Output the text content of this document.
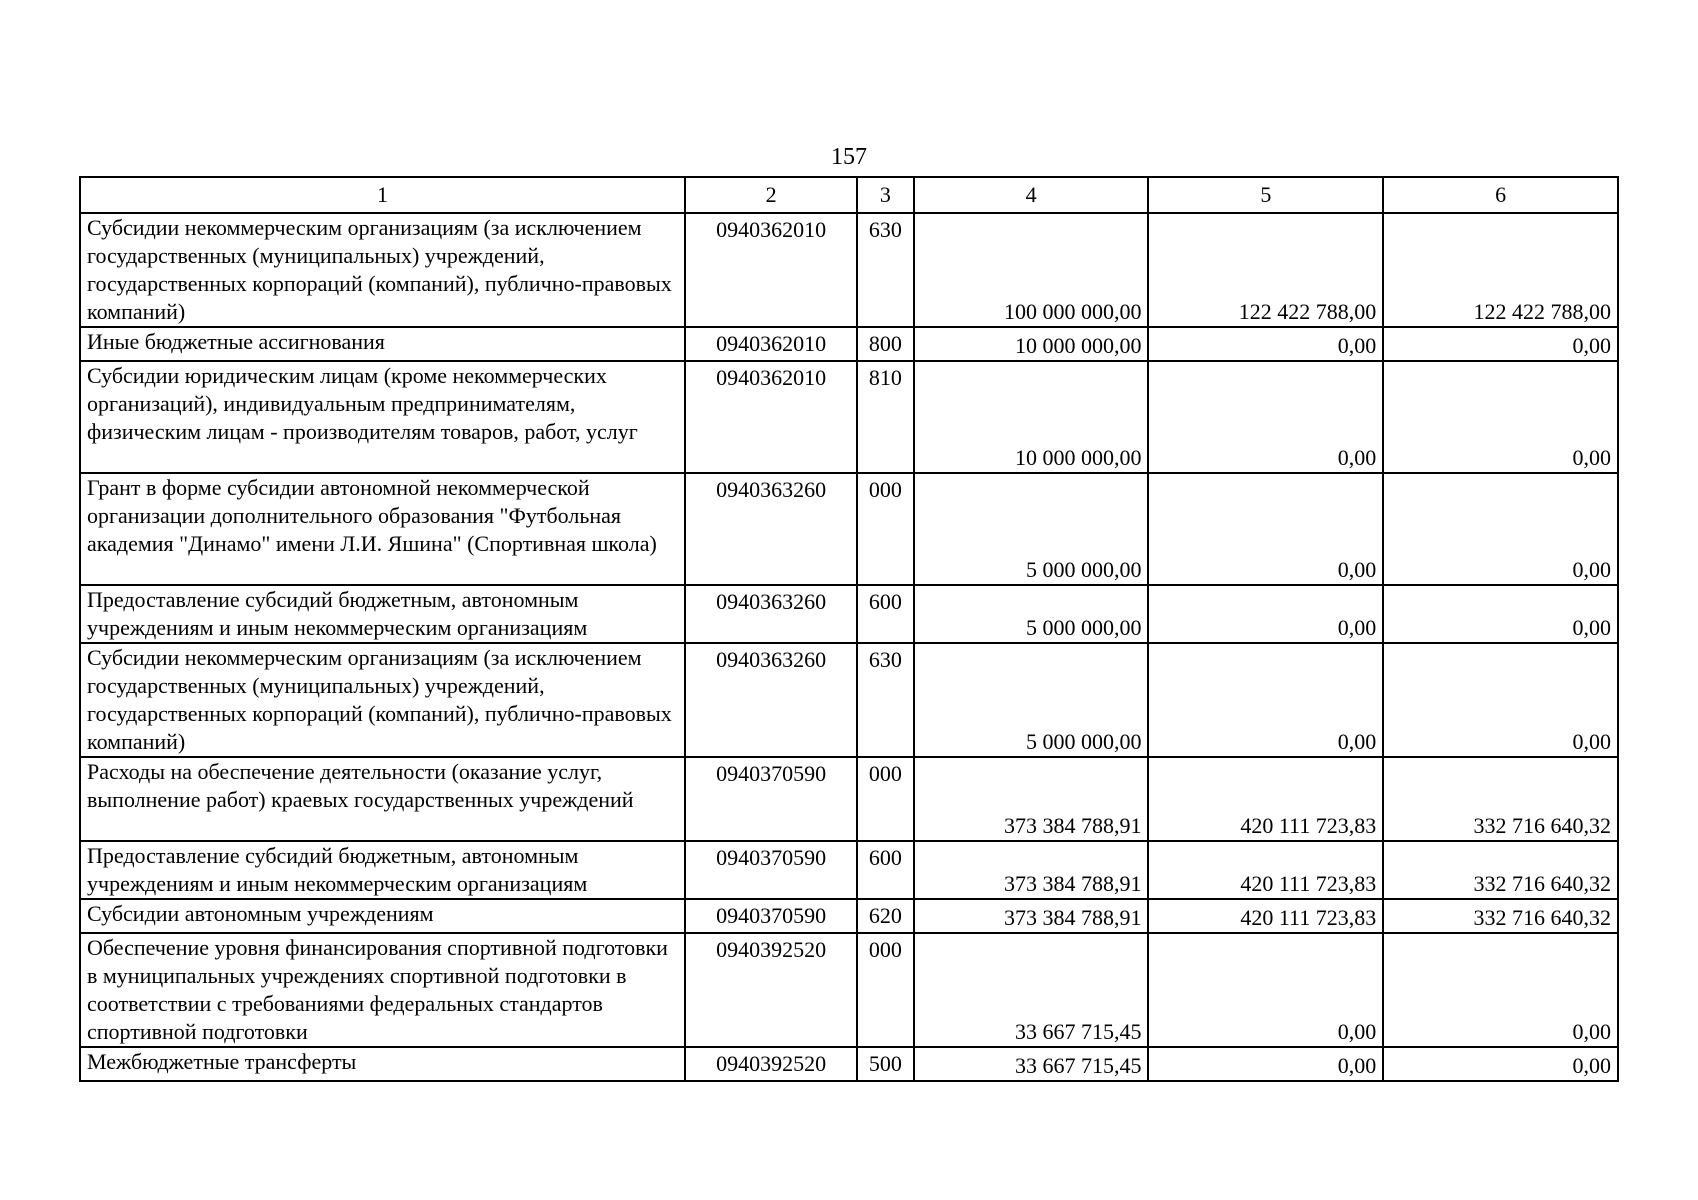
157
1	2	3	4	5	6
Субсидии некоммерческим организациям (за исключением государственных (муниципальных) учреждений, государственных корпораций (компаний), публично-правовых компаний)	0940362010	630	100 000 000,00	122 422 788,00	122 422 788,00
Иные бюджетные ассигнования	0940362010	800	10 000 000,00	0,00	0,00
Субсидии юридическим лицам (кроме некоммерческих организаций), индивидуальным предпринимателям, физическим лицам - производителям товаров, работ, услуг	0940362010	810	10 000 000,00	0,00	0,00
Грант в форме субсидии автономной некоммерческой организации дополнительного образования "Футбольная академия "Динамо" имени Л.И. Яшина" (Спортивная школа)	0940363260	000	5 000 000,00	0,00	0,00
Предоставление субсидий бюджетным, автономным учреждениям и иным некоммерческим организациям	0940363260	600	5 000 000,00	0,00	0,00
Субсидии некоммерческим организациям (за исключением государственных (муниципальных) учреждений, государственных корпораций (компаний), публично-правовых компаний)	0940363260	630	5 000 000,00	0,00	0,00
Расходы на обеспечение деятельности (оказание услуг, выполнение работ) краевых государственных учреждений	0940370590	000	373 384 788,91	420 111 723,83	332 716 640,32
Предоставление субсидий бюджетным, автономным учреждениям и иным некоммерческим организациям	0940370590	600	373 384 788,91	420 111 723,83	332 716 640,32
Субсидии автономным учреждениям	0940370590	620	373 384 788,91	420 111 723,83	332 716 640,32
Обеспечение уровня финансирования спортивной подготовки в муниципальных учреждениях спортивной подготовки в соответствии с требованиями федеральных стандартов спортивной подготовки	0940392520	000	33 667 715,45	0,00	0,00
Межбюджетные трансферты	0940392520	500	33 667 715,45	0,00	0,00
